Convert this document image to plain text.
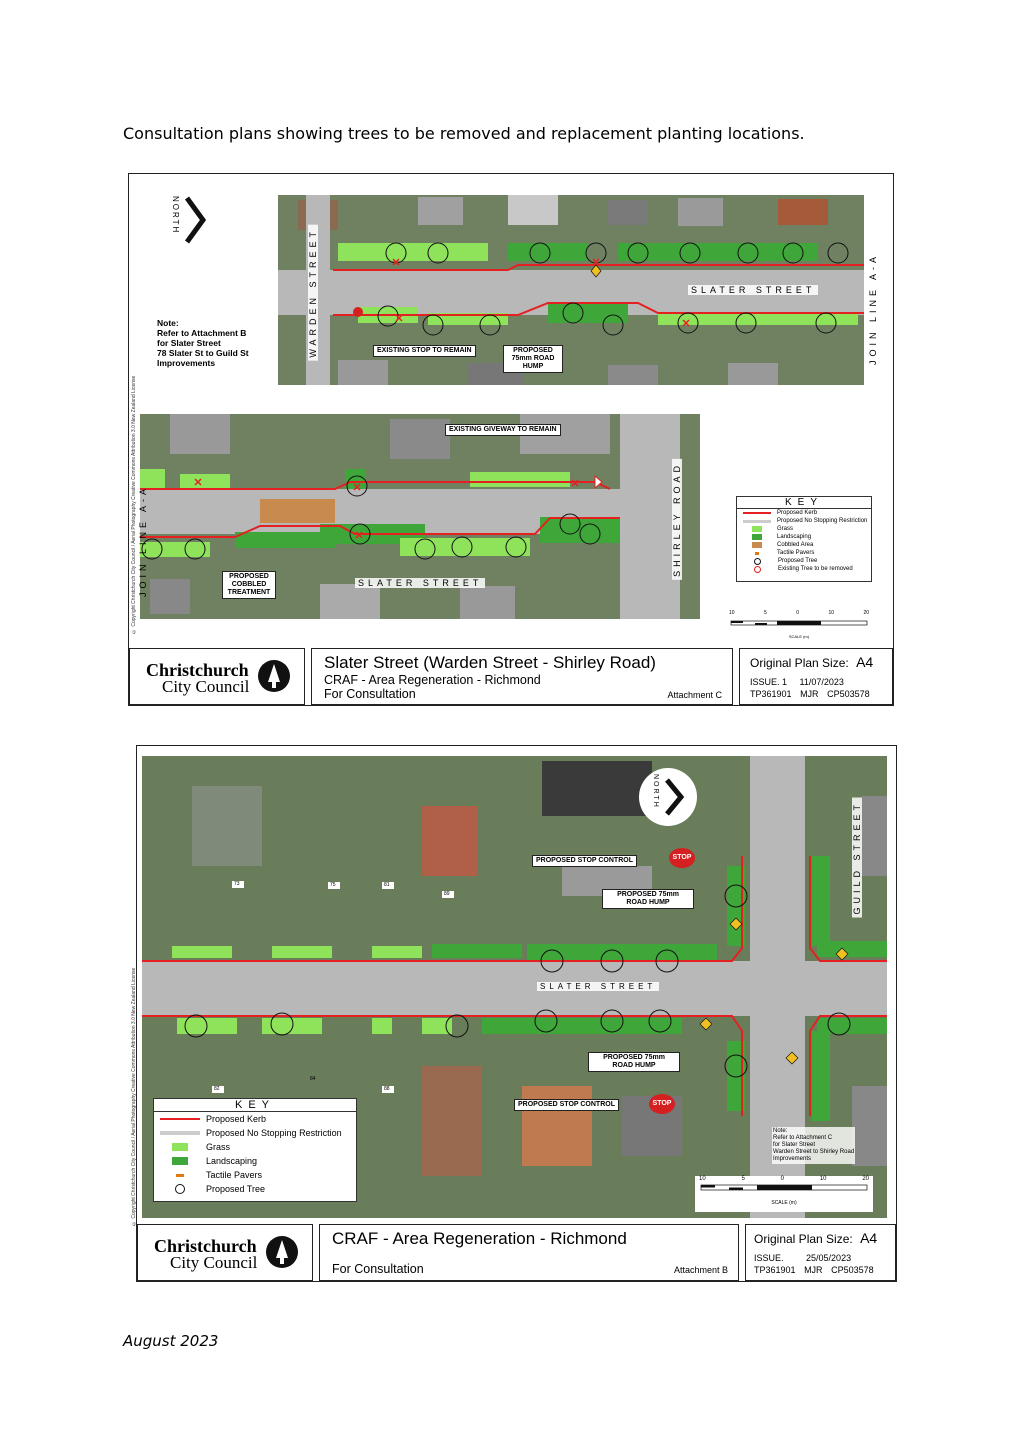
Consultation plans showing trees to be removed and replacement planting locations.
NORTH
Note:
Refer to Attachment B
for Slater Street
78 Slater St to Guild St
Improvements
© Copyright Christchurch City Council / Aerial Photography Creative Commons Attribution 3.0 New Zealand License
SLATER STREET
WARDEN STREET	JOIN LINE A-A
EXISTING STOP TO REMAIN	PROPOSED 75mm ROAD HUMP
SLATER STREET
SHIRLEY ROAD
JOIN LINE A-A
EXISTING GIVEWAY TO REMAIN
PROPOSED COBBLED TREATMENT
KEY
Proposed Kerb
Proposed No Stopping Restriction
Grass
Landscaping
Cobbled Area
Tactile Pavers
Proposed Tree
Existing Tree to be removed
10	5	0	10	20
SCALE (m)
Christchurch
City Council
Slater Street (Warden Street - Shirley Road)
CRAF - Area Regeneration - Richmond
For Consultation	Attachment C
Original Plan Size: A4
ISSUE. 1 11/07/2023
TP361901 MJR CP503578
© Copyright Christchurch City Council / Aerial Photography Creative Commons Attribution 3.0 New Zealand License
NORTH
SLATER STREET
GUILD STREET
PROPOSED STOP CONTROL	STOP
PROPOSED 75mm ROAD HUMP
PROPOSED 75mm ROAD HUMP
PROPOSED STOP CONTROL	STOP
Note:
Refer to Attachment C
for Slater Street
Warden Street to Shirley Road
Improvements
73	75	81
89
82	88
84
KEY
Proposed Kerb
Proposed No Stopping Restriction
Grass
Landscaping
Tactile Pavers
Proposed Tree
10	5	0	10	20
SCALE (m)
Christchurch
City Council
CRAF - Area Regeneration - Richmond
For Consultation	Attachment B
Original Plan Size: A4
ISSUE.	25/05/2023
TP361901 MJR CP503578
August 2023
